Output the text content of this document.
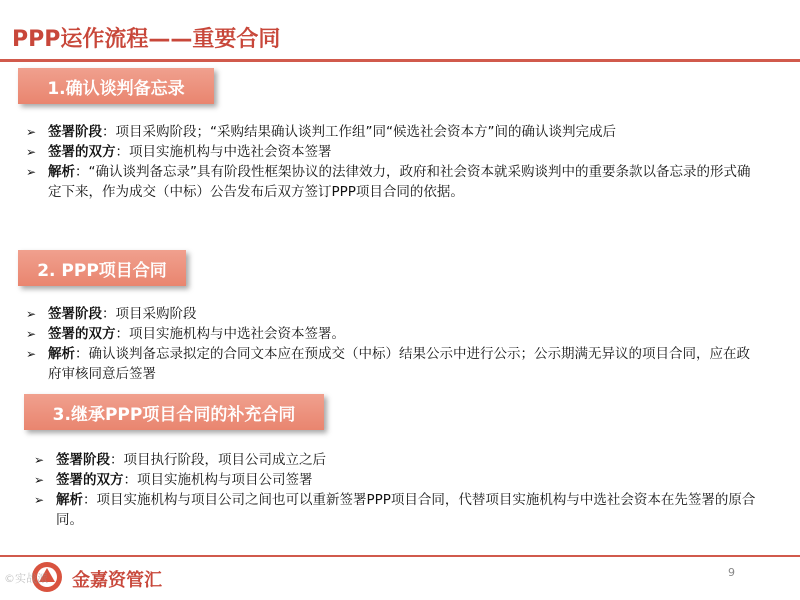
PPP运作流程——重要合同
1.确认谈判备忘录
➢ 签署阶段：项目采购阶段；“采购结果确认谈判工作组”同“候选社会资本方”间的确认谈判完成后
➢ 签署的双方：项目实施机构与中选社会资本签署
➢ 解析：“确认谈判备忘录”具有阶段性框架协议的法律效力，政府和社会资本就采购谈判中的重要条款以备忘录的形式确定下来，作为成交（中标）公告发布后双方签订PPP项目合同的依据。
2. PPP项目合同
➢ 签署阶段：项目采购阶段
➢ 签署的双方：项目实施机构与中选社会资本签署。
➢ 解析：确认谈判备忘录拟定的合同文本应在预成交（中标）结果公示中进行公示；公示期满无异议的项目合同，应在政府审核同意后签署
3.继承PPP项目合同的补充合同
➢ 签署阶段：项目执行阶段，项目公司成立之后
➢ 签署的双方：项目实施机构与项目公司签署
➢ 解析：项目实施机构与项目公司之间也可以重新签署PPP项目合同，代替项目实施机构与中选社会资本在先签署的原合同。
金嘉资管汇
©实战派	9
